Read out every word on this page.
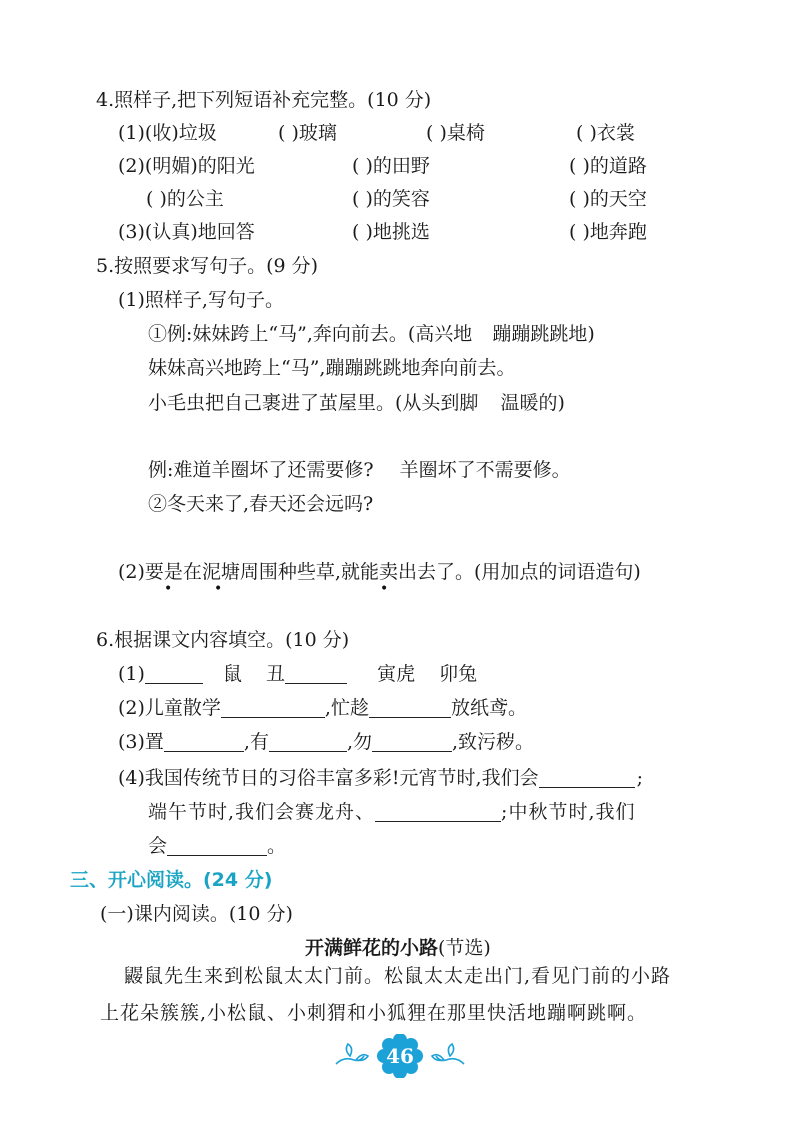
4.照样子,把下列短语补充完整。(10 分)
(1)(收)垃圾	( )玻璃	( )桌椅	( )衣裳
(2)(明媚)的阳光	( )的田野	( )的道路
( )的公主	( )的笑容	( )的天空
(3)(认真)地回答	( )地挑选	( )地奔跑
5.按照要求写句子。(9 分)
(1)照样子,写句子。
①例:妹妹跨上“马”,奔向前去。(高兴地 蹦蹦跳跳地)
妹妹高兴地跨上“马”,蹦蹦跳跳地奔向前去。
小毛虫把自己裹进了茧屋里。(从头到脚 温暖的)
例:难道羊圈坏了还需要修? 羊圈坏了不需要修。
②冬天来了,春天还会远吗?
(2)要是在泥塘周围种些草,就能卖出去了。(用加点的词语造句)
•	•	•
6.根据课文内容填空。(10 分)
(1)	鼠 丑	寅虎 卯兔
(2)儿童散学	,忙趁	放纸鸢。
(3)置	,有	,勿	,致污秽。
(4)我国传统节日的习俗丰富多彩!元宵节时,我们会	;
端午节时,我们会赛龙舟、	;中秋节时,我们
会	。
三、开心阅读。(24 分)
(一)课内阅读。(10 分)
开满鲜花的小路(节选)
鼹鼠先生来到松鼠太太门前。松鼠太太走出门,看见门前的小路
上花朵簇簇,小松鼠、小刺猬和小狐狸在那里快活地蹦啊跳啊。
46
